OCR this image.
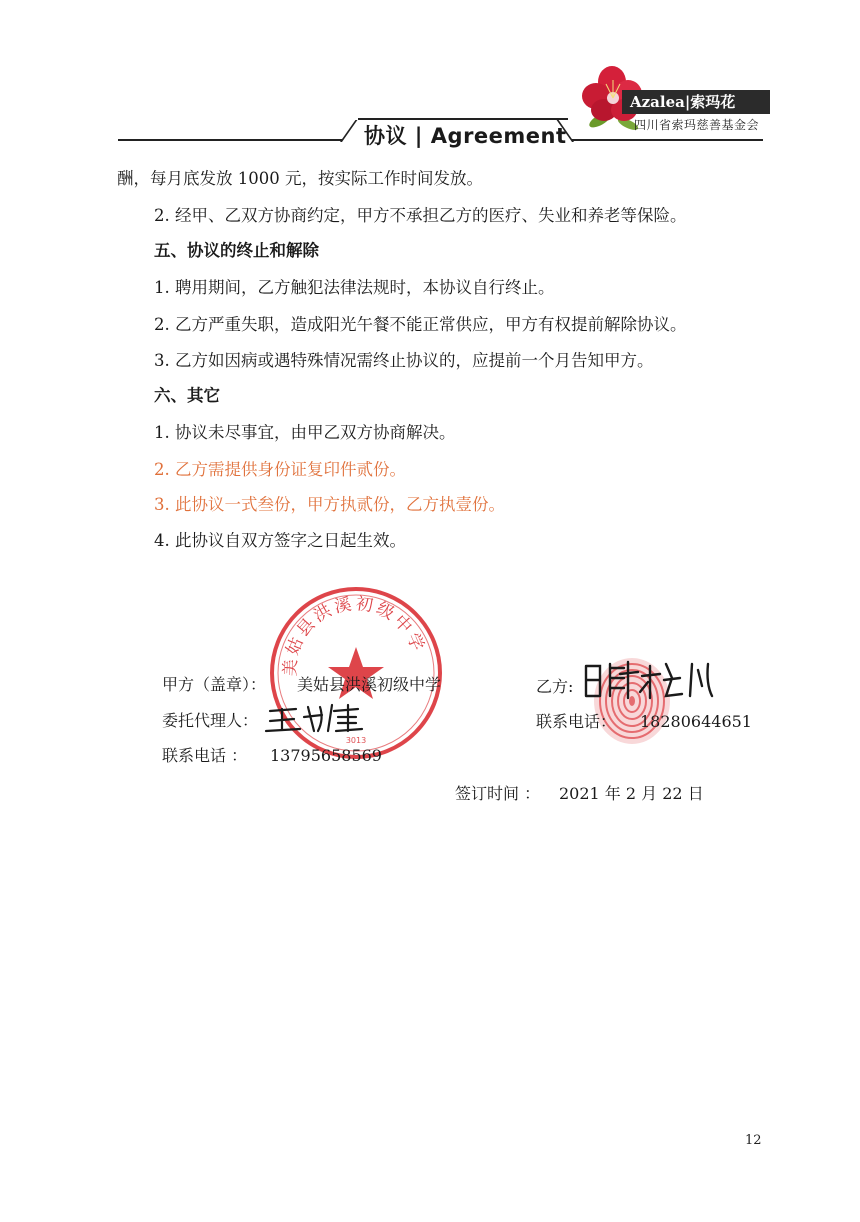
协议 | Agreement
Azalea|索玛花
四川省索玛慈善基金会
酬，每月底发放 1000 元，按实际工作时间发放。
2. 经甲、乙双方协商约定，甲方不承担乙方的医疗、失业和养老等保险。
五、协议的终止和解除
1. 聘用期间，乙方触犯法律法规时，本协议自行终止。
2. 乙方严重失职，造成阳光午餐不能正常供应，甲方有权提前解除协议。
3. 乙方如因病或遇特殊情况需终止协议的，应提前一个月告知甲方。
六、其它
1. 协议未尽事宜，由甲乙双方协商解决。
2. 乙方需提供身份证复印件贰份。
3. 此协议一式叁份，甲方执贰份，乙方执壹份。
4. 此协议自双方签字之日起生效。
美姑县洪溪初级中学
3013
甲方（盖章）： 美姑县洪溪初级中学
委托代理人：
联系电话 ： 13795658569
乙方:
联系电话： 18280644651
签订时间 ： 2021 年 2 月 22 日
12
